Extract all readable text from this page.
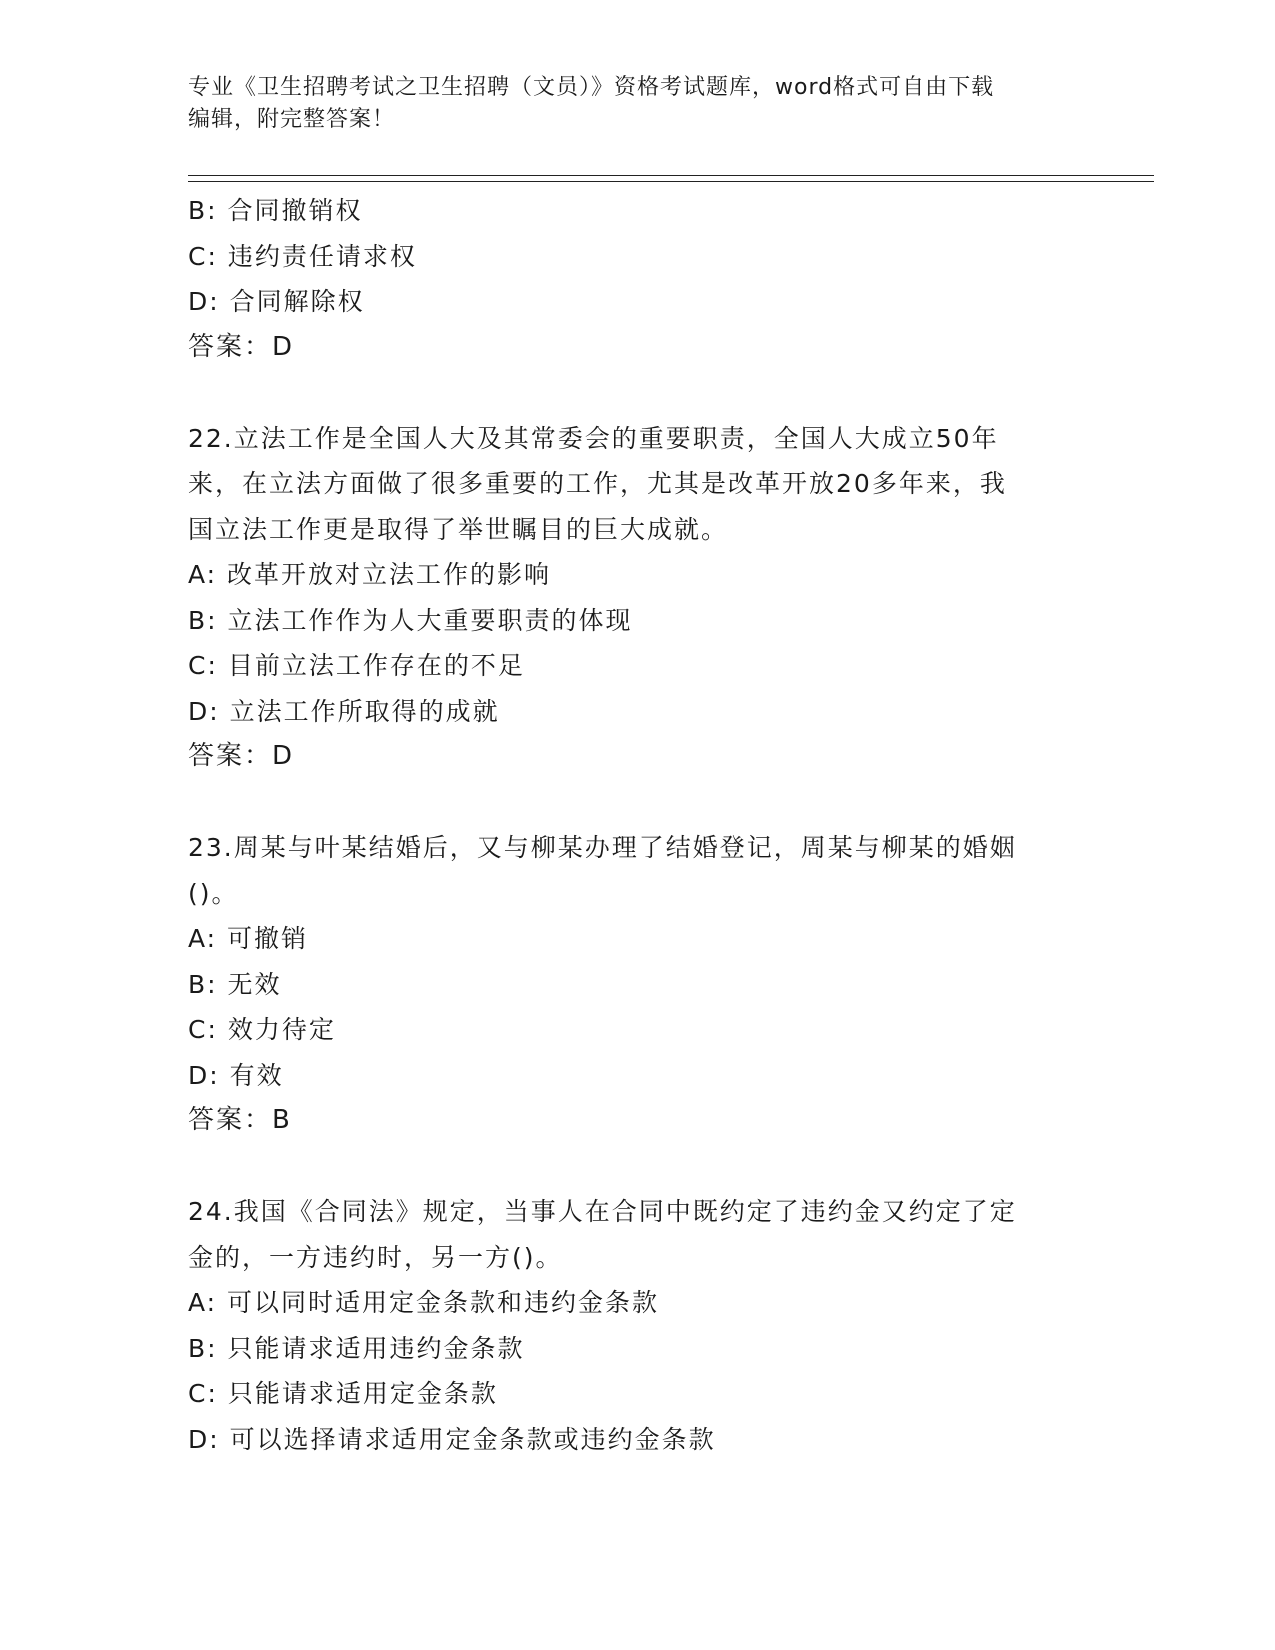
专业《卫生招聘考试之卫生招聘（文员）》资格考试题库，word格式可自由下载
编辑，附完整答案！
B: 合同撤销权
C: 违约责任请求权
D: 合同解除权
答案：D
22.立法工作是全国人大及其常委会的重要职责，全国人大成立50年
来，在立法方面做了很多重要的工作，尤其是改革开放20多年来，我
国立法工作更是取得了举世瞩目的巨大成就。
A: 改革开放对立法工作的影响
B: 立法工作作为人大重要职责的体现
C: 目前立法工作存在的不足
D: 立法工作所取得的成就
答案：D
23.周某与叶某结婚后，又与柳某办理了结婚登记，周某与柳某的婚姻
()。
A: 可撤销
B: 无效
C: 效力待定
D: 有效
答案：B
24.我国《合同法》规定，当事人在合同中既约定了违约金又约定了定
金的，一方违约时，另一方()。
A: 可以同时适用定金条款和违约金条款
B: 只能请求适用违约金条款
C: 只能请求适用定金条款
D: 可以选择请求适用定金条款或违约金条款
